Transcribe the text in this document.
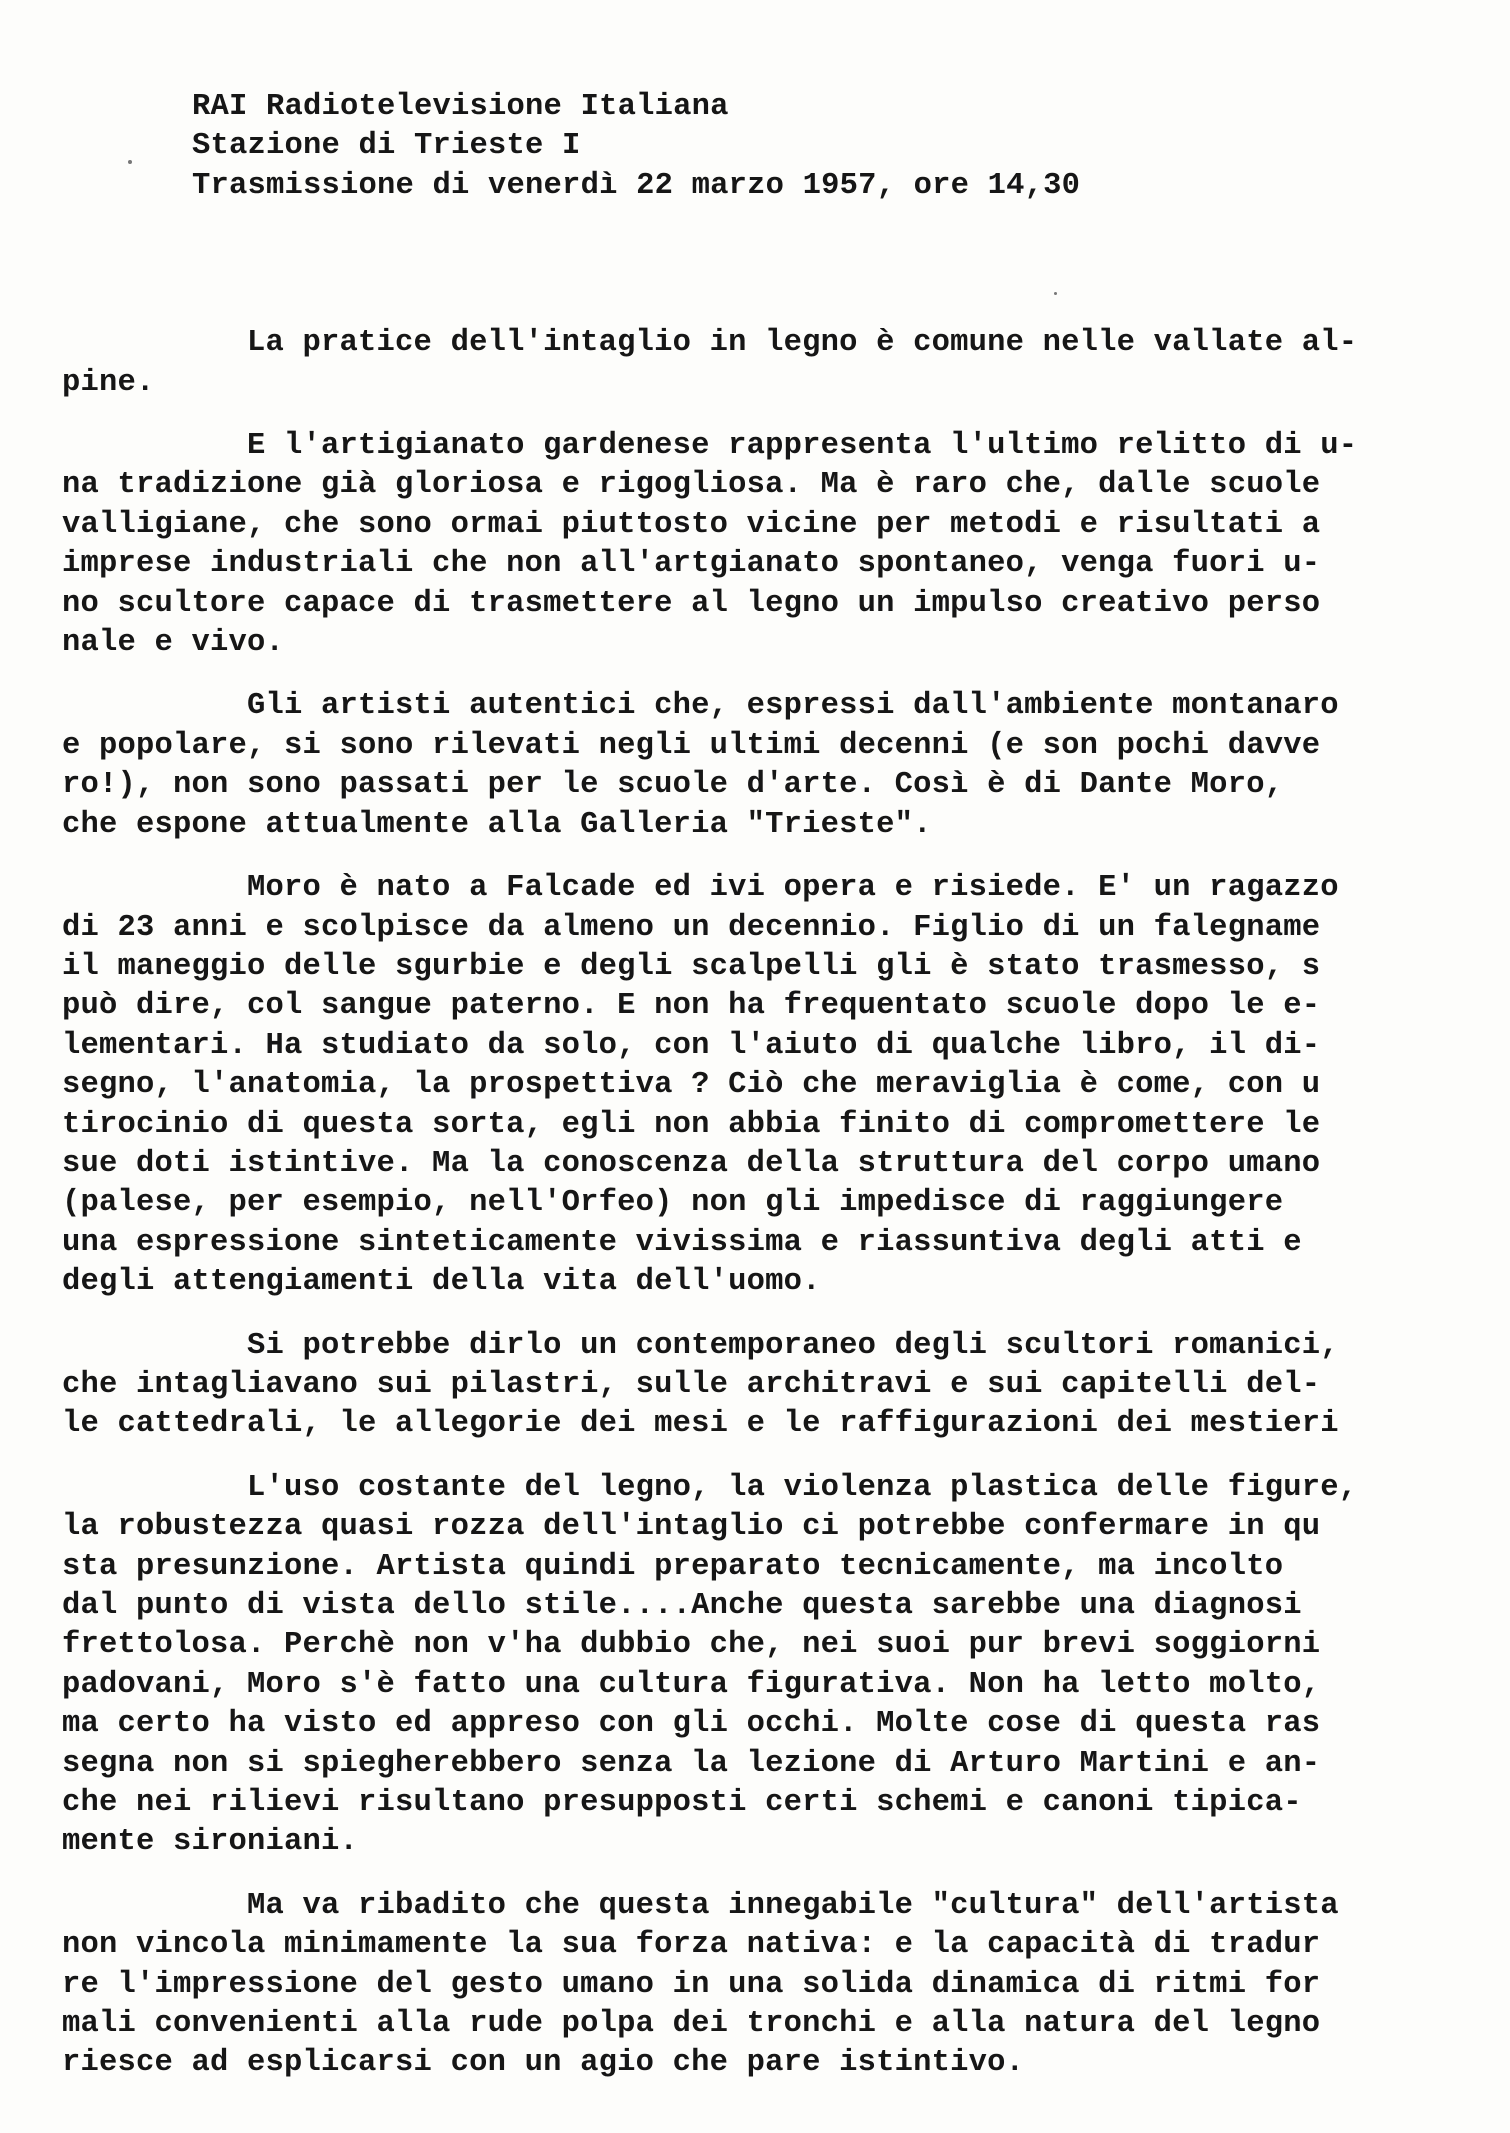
RAI Radiotelevisione Italiana
Stazione di Trieste I
Trasmissione di venerdì 22 marzo 1957, ore 14,30
La pratice dell'intaglio in legno è comune nelle vallate al-
pine.
E l'artigianato gardenese rappresenta l'ultimo relitto di u-
na tradizione già gloriosa e rigogliosa. Ma è raro che, dalle scuole
valligiane, che sono ormai piuttosto vicine per metodi e risultati a
imprese industriali che non all'artgianato spontaneo, venga fuori u-
no scultore capace di trasmettere al legno un impulso creativo perso
nale e vivo.
Gli artisti autentici che, espressi dall'ambiente montanaro
e popolare, si sono rilevati negli ultimi decenni (e son pochi davve
ro!), non sono passati per le scuole d'arte. Così è di Dante Moro,
che espone attualmente alla Galleria "Trieste".
Moro è nato a Falcade ed ivi opera e risiede. E' un ragazzo
di 23 anni e scolpisce da almeno un decennio. Figlio di un falegname
il maneggio delle sgurbie e degli scalpelli gli è stato trasmesso, s
può dire, col sangue paterno. E non ha frequentato scuole dopo le e-
lementari. Ha studiato da solo, con l'aiuto di qualche libro, il di-
segno, l'anatomia, la prospettiva ? Ciò che meraviglia è come, con u
tirocinio di questa sorta, egli non abbia finito di compromettere le
sue doti istintive. Ma la conoscenza della struttura del corpo umano
(palese, per esempio, nell'Orfeo) non gli impedisce di raggiungere
una espressione sinteticamente vivissima e riassuntiva degli atti e
degli attengiamenti della vita dell'uomo.
Si potrebbe dirlo un contemporaneo degli scultori romanici,
che intagliavano sui pilastri, sulle architravi e sui capitelli del-
le cattedrali, le allegorie dei mesi e le raffigurazioni dei mestieri
L'uso costante del legno, la violenza plastica delle figure,
la robustezza quasi rozza dell'intaglio ci potrebbe confermare in qu
sta presunzione. Artista quindi preparato tecnicamente, ma incolto
dal punto di vista dello stile....Anche questa sarebbe una diagnosi
frettolosa. Perchè non v'ha dubbio che, nei suoi pur brevi soggiorni
padovani, Moro s'è fatto una cultura figurativa. Non ha letto molto,
ma certo ha visto ed appreso con gli occhi. Molte cose di questa ras
segna non si spiegherebbero senza la lezione di Arturo Martini e an-
che nei rilievi risultano presupposti certi schemi e canoni tipica-
mente sironiani.
Ma va ribadito che questa innegabile "cultura" dell'artista
non vincola minimamente la sua forza nativa: e la capacità di tradur
re l'impressione del gesto umano in una solida dinamica di ritmi for
mali convenienti alla rude polpa dei tronchi e alla natura del legno
riesce ad esplicarsi con un agio che pare istintivo.
